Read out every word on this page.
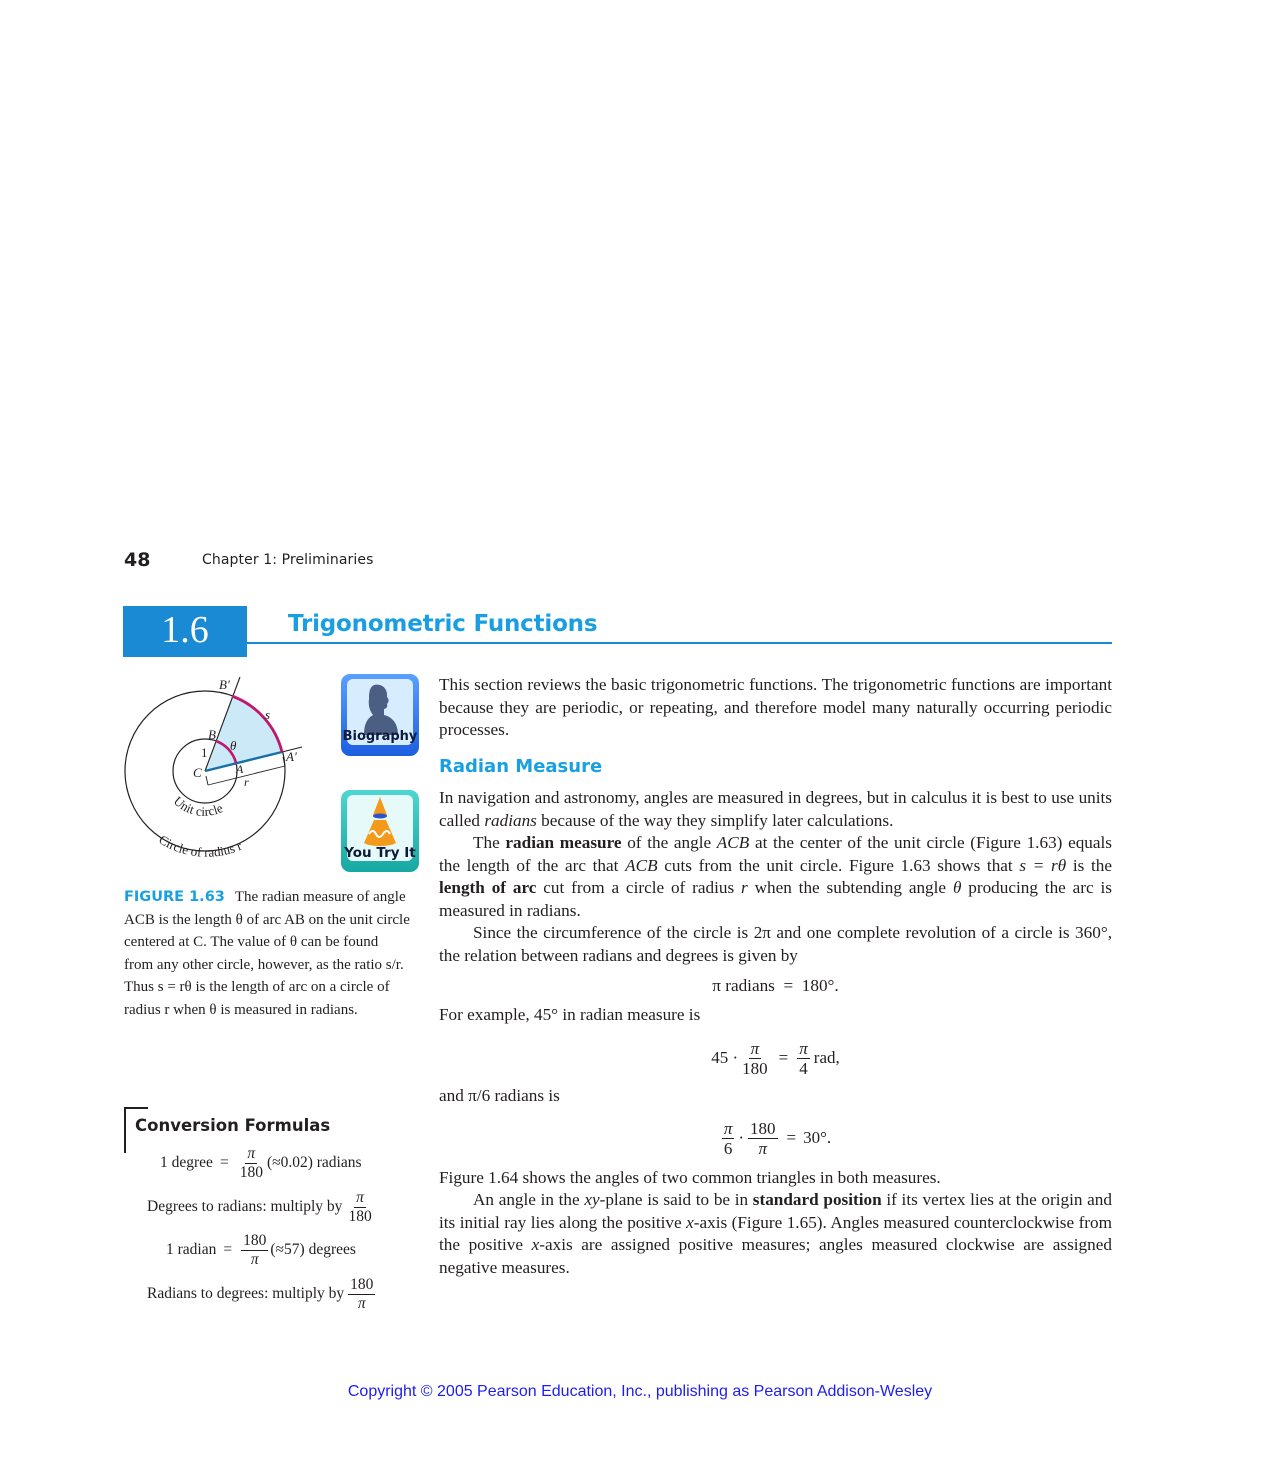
48	Chapter 1: Preliminaries
1.6	Trigonometric Functions
B′
s
B
θ
1	A′
C	A
r
Unit circle
Circle of radius r
Biography
You Try It
FIGURE 1.63 The radian measure of angle ACB is the length θ of arc AB on the unit circle centered at C. The value of θ can be found from any other circle, however, as the ratio s/r. Thus s = rθ is the length of arc on a circle of radius r when θ is measured in radians.
Conversion Formulas
1 degree = $\frac{\pi}{180} (\approx 0.02)$ radians
Degrees to radians: multiply by $\frac{\pi}{180}$
1 radian = $\frac{180}{\pi} (\approx 57)$ degrees
Radians to degrees: multiply by $\frac{180}{\pi}$

This section reviews the basic trigonometric functions. The trigonometric functions are important because they are periodic, or repeating, and therefore model many naturally occurring periodic processes.

Radian Measure

In navigation and astronomy, angles are measured in degrees, but in calculus it is best to use units called radians because of the way they simplify later calculations.

The radian measure of the angle ACB at the center of the unit circle (Figure 1.63) equals the length of the arc that ACB cuts from the unit circle. Figure 1.63 shows that s = rθ is the length of arc cut from a circle of radius r when the subtending angle θ producing the arc is measured in radians.

Since the circumference of the circle is 2π and one complete revolution of a circle is 360°, the relation between radians and degrees is given by

π radians  =  180°.

For example, 45° in radian measure is

$45 \cdot \frac{\pi}{180} = \frac{\pi}{4}$ rad,

and π/6 radians is

$\frac{\pi}{6} \cdot \frac{180}{\pi} = 30^\circ$.

Figure 1.64 shows the angles of two common triangles in both measures.

An angle in the xy-plane is said to be in standard position if its vertex lies at the origin and its initial ray lies along the positive x-axis (Figure 1.65). Angles measured counterclockwise from the positive x-axis are assigned positive measures; angles measured clockwise are assigned negative measures.

Copyright © 2005 Pearson Education, Inc., publishing as Pearson Addison-Wesley
